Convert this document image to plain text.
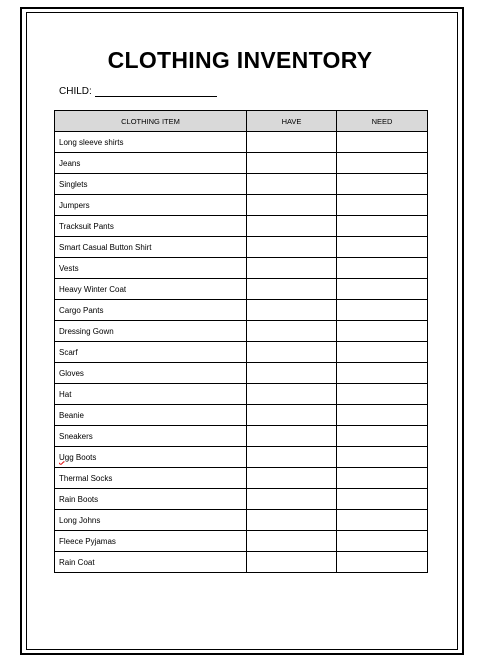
CLOTHING INVENTORY
CHILD:
CLOTHING ITEM	HAVE	NEED
Long sleeve shirts		
Jeans		
Singlets		
Jumpers		
Tracksuit Pants		
Smart Casual Button Shirt		
Vests		
Heavy Winter Coat		
Cargo Pants		
Dressing Gown		
Scarf		
Gloves		
Hat		
Beanie		
Sneakers		
Ugg Boots		
Thermal Socks		
Rain Boots		
Long Johns		
Fleece Pyjamas		
Rain Coat		
